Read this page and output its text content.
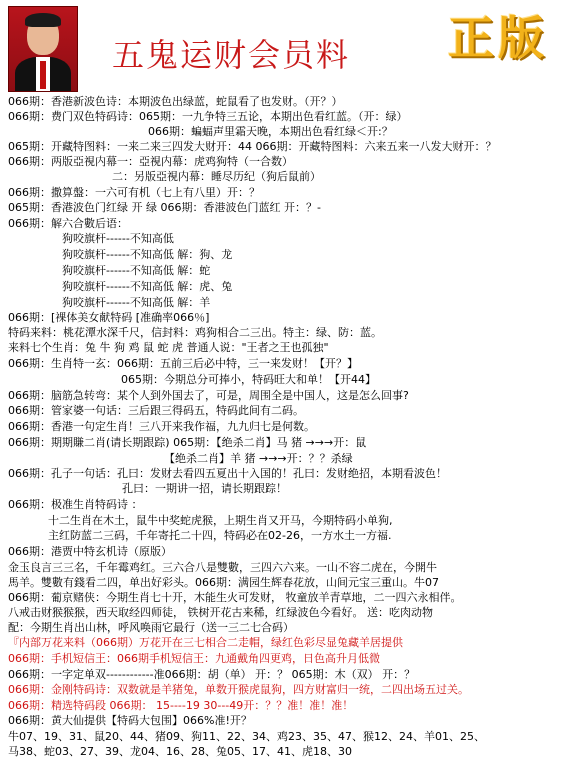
五鬼运财会员料 正版
066期：香港新波色诗：本期波色出绿蓝，蛇鼠看了也发财。（开？）
066期：费门双色特码诗：065期：一九争特三五论，本期出色看红蓝。（开：绿）
066期：蝙蝠声里霜天晚，本期出色看红绿＜开:？
065期：开藏特图料：一来二来三四发大财开：44 066期：开藏特图料：六来五来一八发大财开：？
066期：两版亞視内幕一：亞視内幕：虎鸡狗特（一合数）
二：另版亞視内幕：睡尽历纪（狗后鼠前）
066期：撒算盤：一六可有机（七上有八里）开：？
065期：香港波色门红绿 开 绿 066期：香港波色门蓝红 开：？-
066期：解六合數后语：
狗咬旗杆------不知高低
狗咬旗杆------不知高低 解：狗、龙
狗咬旗杆------不知高低 解：蛇
狗咬旗杆------不知高低 解：虎、兔
狗咬旗杆------不知高低 解：羊
066期：[裸体美女献特码 [准确率066％]
特码来料：桃花潭水深千尺，信封料：鸡狗相合二三出。特主：绿、防：蓝。
来料七个生肖：兔 牛 狗 鸡 鼠 蛇 虎 普通人说："王者之王也孤独"
066期：生肖特一玄：066期：五前三后必中特，三一来发财！【开？】
065期：今期总分可捧小，特码旺大和单！【开44】
066期：脑筋急转弯：某个人到外国去了，可是，周围全是中国人，这是怎么回事?
066期：管家婆一句话：三后跟三得码五，特码此间有二码。
066期：香港一句定生肖！三八开来我作福，九九归七是何数。
066期：期期賺二肖(请长期跟踪) 065期：【绝杀二肖】马 猪 →→→开：鼠
【绝杀二肖】羊 猪 →→→开：？？杀绿
066期：孔子一句话：孔曰：发财去看四五夏出十入国的！孔曰：发财绝招，本期看波色！
孔曰：一期讲一招，请长期跟踪！
066期：极准生肖特码诗 ：
十二生肖在木土，鼠牛中奖蛇虎猴，上期生肖又开马，今期特码小单狗,
主红防蓝二三码，千年寄托二十四，特码必在02-26，一方水土一方福.
066期：港贾中特玄机诗（原版）
金玉良言三三名，千年霉鸡红。三六合八是雙數，三四六六来。一山不容二虎在，今開牛
馬羊。雙數有錢看二四，单出好彩头。066期：满园生辉春花放，山间元宝三重山。牛07
066期：葡京赌侠：今期生肖七十开，木能生火可发财， 牧童放羊青草地，二一四六永相伴。
八戒击财猴猴猴，西天取经四师徒， 铁树开花古来稀，红绿波色今看好。 送：吃肉动物
配：今期生肖出山林，呼风唤雨它最行（送一三二七合码）
『内部万花来料（066期）万花开在三七相合二走帽，绿红色彩尽显兔藏羊居提供
066期：手机短信王：066期手机短信王：九通戴角四更鸡，日色高升月低微
066期：一字定单双------------准066期：胡（单） 开：？ 065期：木（双） 开：？
066期：金刚特码诗：双数就是羊猪兔，单数开猴虎鼠狗，四方财富归一统，二四出场五过关。
066期：精选特码段 066期： 15----19 30---49开：？？准！准！准！
066期：黄大仙提供【特码大包围】066%准!开？
牛07、19、31、鼠20、44、猪09、狗11、22、34、鸡23、35、47、猴12、24、羊01、25、
马38、蛇03、27、39、龙04、16、28、兔05、17、41、虎18、30
